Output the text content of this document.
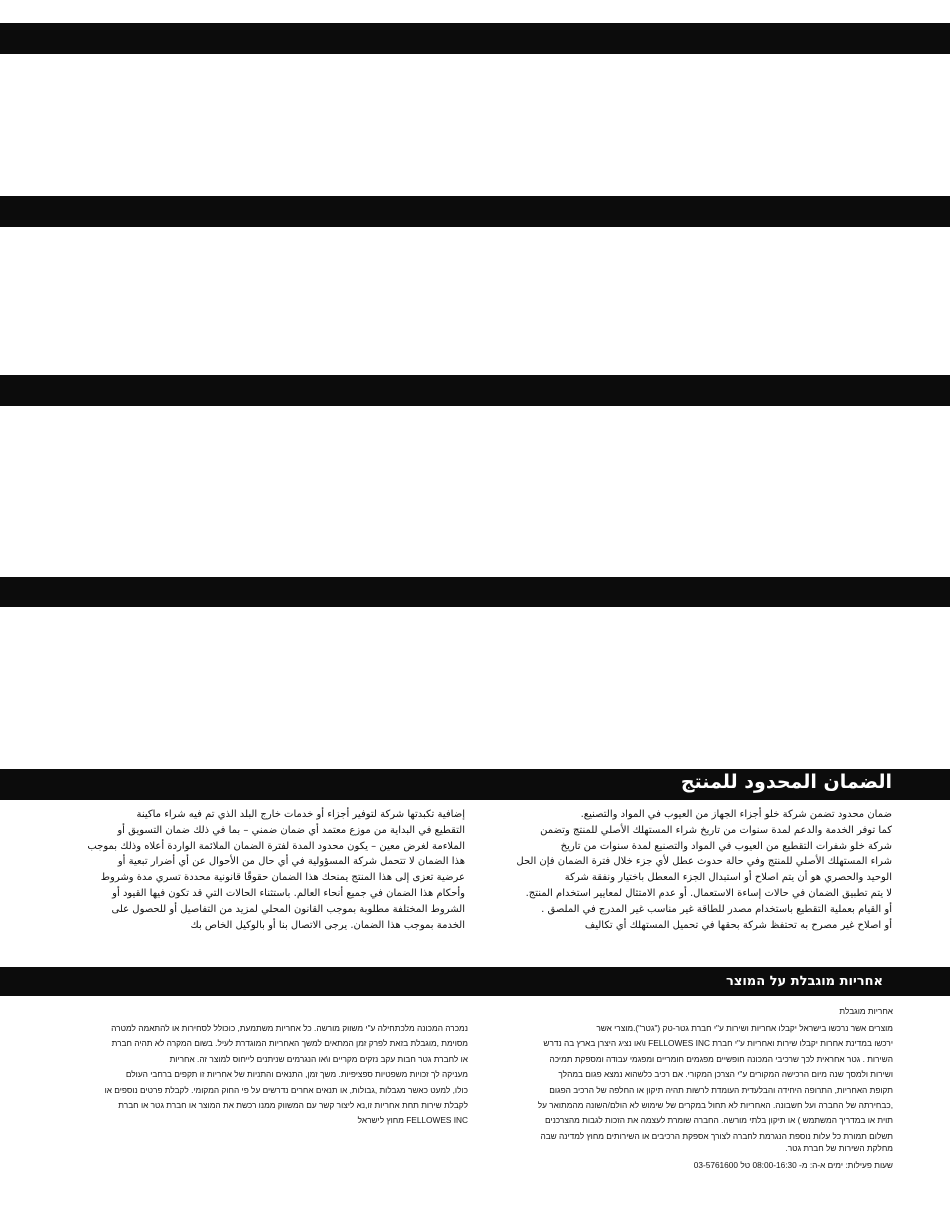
الضمان المحدود للمنتج
ضمان محدود تضمن شركة خلو أجزاء الجهاز من العيوب في المواد والتصنيع.
كما توفر الخدمة والدعم لمدة سنوات من تاريخ شراء المستهلك الأصلي للمنتج وتضمن
شركة خلو شفرات التقطيع من العيوب في المواد والتصنيع لمدة سنوات من تاريخ
شراء المستهلك الأصلي للمنتج وفي حالة حدوث عطل لأي جزء خلال فترة الضمان فإن الحل
الوحيد والحصري هو أن يتم اصلاح أو استبدال الجزء المعطل باختيار ونفقة شركة
لا يتم تطبيق الضمان في حالات إساءة الاستعمال. أو عدم الامتثال لمعايير استخدام المنتج.
أو القيام بعملية التقطيع باستخدام مصدر للطاقة غير مناسب غير المدرج في الملصق .
أو اصلاح غير مصرح به تحتفظ شركة بحقها في تحميل المستهلك أي تكاليف
إضافية تكبدتها شركة لتوفير أجزاء أو خدمات خارج البلد الذي تم فيه شراء ماكينة
التقطيع في البداية من موزع معتمد أي ضمان ضمني – بما في ذلك ضمان التسويق أو
الملاءمة لغرض معين – يكون محدود المدة لفترة الضمان الملائمة الواردة أعلاه وذلك بموجب
هذا الضمان لا تتحمل شركة المسؤولية في أي حال من الأحوال عن أي أضرار تبعية أو
عرضية تعزى إلى هذا المنتج يمنحك هذا الضمان حقوقًا قانونية محددة تسري مدة وشروط
وأحكام هذا الضمان في جميع أنحاء العالم. باستثناء الحالات التي قد تكون فيها القيود أو
الشروط المختلفة مطلوبة بموجب القانون المحلي لمزيد من التفاصيل أو للحصول على
الخدمة بموجب هذا الضمان. يرجى الاتصال بنا أو بالوكيل الخاص بك
אחריות מוגבלת על המוצר
אחריות מוגבלת
מוצרים אשר נרכשו בישראל יקבלו אחריות ושירות ע"י חברת גטר-טק ("גטר").מוצרי אשר
ירכשו במדינת אחרות יקבלו שירות ואחריות ע"י חברת FELLOWES INC ו\או נציג היצרן בארץ בה נדרש
השירות . גטר אחראית לכך שרכיבי המכונה חופשיים מפגמים חומריים ומפגמי עבודה ומספקת תמיכה
ושירות ולמסך שנה מיום הרכישה המקורים ע"י הצרכן המקורי. אם רכיב כלשהוא נמצא פגום במהלך
תקופת האחריות, התרופה היחידה והבלעדית העומדת לרשות תהיה תיקון או החלפה של הרכיב הפגום
,כבחירתה של החברה ועל חשבונה. האחריות לא תחול במקרים של שימוש לא הולם/השונה מהמתואר על
תוית או במדריך המשתמש ) או תיקון בלתי מורשה. החברה שומרת לעצמה את הזכות לגבות מהצרכנים
תשלום תמורת כל עלות נוספת הנגרמת לחברה לצורך אספקת הרכיבים או השירותים מחוץ למדינה שבה
נמכרה המכונה מלכתחילה ע"י משווק מורשה. כל אחריות משתמעת, כוכולל לסחירות או להתאמה למטרה
מסוימת ,מוגבלת בזאת לפרק זמן המתאים למשך האחריות המוגדרת לעיל. בשום המקרה לא תהיה חברת
או לחברת גטר חבות עקב נזקים מקריים ו\או הנגרמים שניתנים לייחוס למוצר זה. אחריות
מעניקה לך זכויות משפטיות ספציפיות. משך זמן, התנאים והתניות של אחריות זו תקפים ברחבי העולם
כולו, למעט כאשר מגבלות ,גבולות, או תנאים אחרים נדרשים על פי החוק המקומי. לקבלת פרטים נוספים או
לקבלת שירות תחת אחריות זו,נא ליצור קשר עם המשווק ממנו רכשת את המוצר או חברת גטר או חברת
FELLOWES INC מחוץ לישראל
מחלקת השירות של חברת גטר.
שעות פעילות: ימים א-ה: מ- 08:00-16:30 טל 03-5761600
